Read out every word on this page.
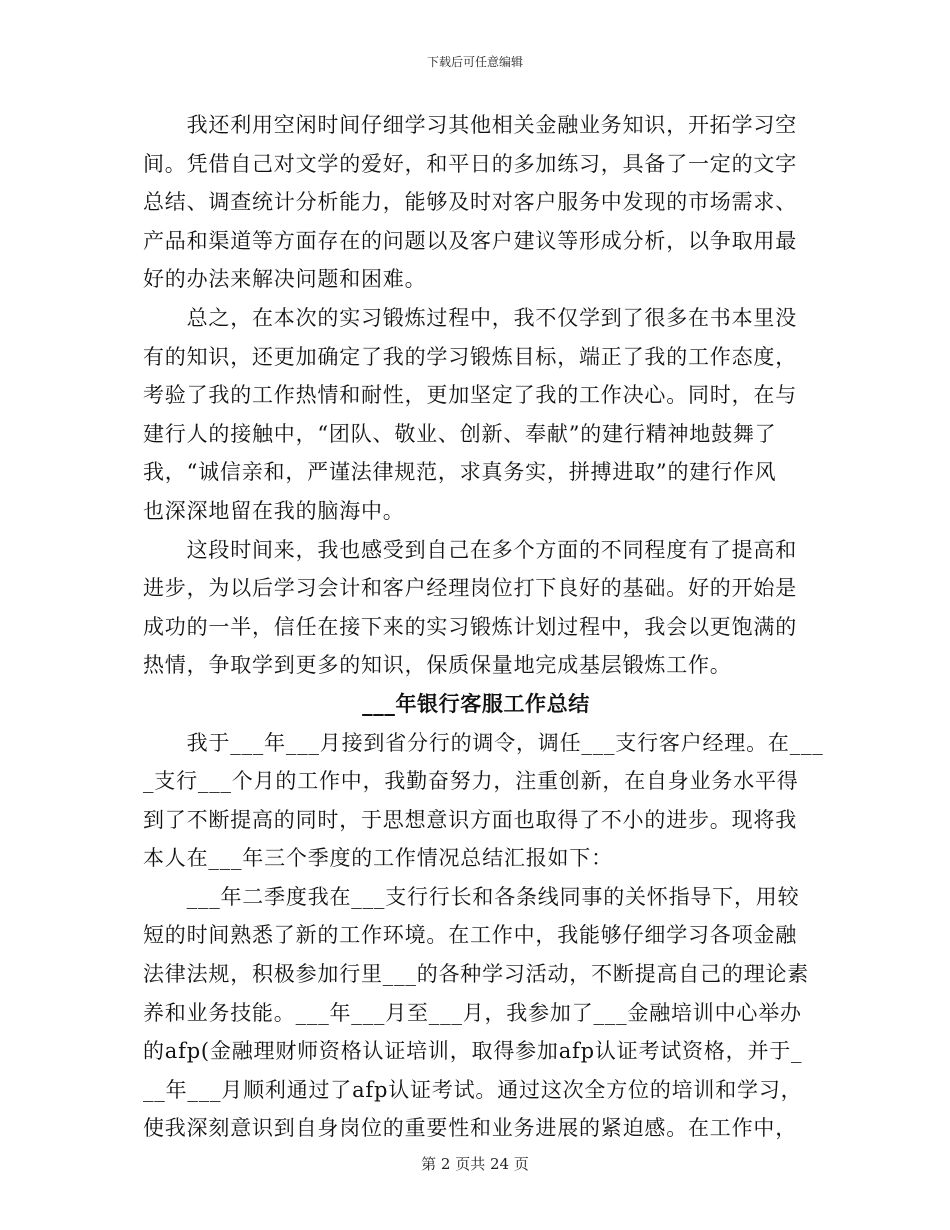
下载后可任意编辑
　　我还利用空闲时间仔细学习其他相关金融业务知识，开拓学习空
间。凭借自己对文学的爱好，和平日的多加练习，具备了一定的文字
总结、调查统计分析能力，能够及时对客户服务中发现的市场需求、
产品和渠道等方面存在的问题以及客户建议等形成分析，以争取用最
好的办法来解决问题和困难。
　　总之，在本次的实习锻炼过程中，我不仅学到了很多在书本里没
有的知识，还更加确定了我的学习锻炼目标，端正了我的工作态度，
考验了我的工作热情和耐性，更加坚定了我的工作决心。同时，在与
建行人的接触中，“团队、敬业、创新、奉献”的建行精神地鼓舞了
我，“诚信亲和，严谨法律规范，求真务实，拼搏进取”的建行作风
也深深地留在我的脑海中。
　　这段时间来，我也感受到自己在多个方面的不同程度有了提高和
进步，为以后学习会计和客户经理岗位打下良好的基础。好的开始是
成功的一半，信任在接下来的实习锻炼计划过程中，我会以更饱满的
热情，争取学到更多的知识，保质保量地完成基层锻炼工作。
___年银行客服工作总结
　　我于___年___月接到省分行的调令，调任___支行客户经理。在___
_支行___个月的工作中，我勤奋努力，注重创新，在自身业务水平得
到了不断提高的同时，于思想意识方面也取得了不小的进步。现将我
本人在___年三个季度的工作情况总结汇报如下：
　　___年二季度我在___支行行长和各条线同事的关怀指导下，用较
短的时间熟悉了新的工作环境。在工作中，我能够仔细学习各项金融
法律法规，积极参加行里___的各种学习活动，不断提高自己的理论素
养和业务技能。___年___月至___月，我参加了___金融培训中心举办
的afp(金融理财师资格认证培训，取得参加afp认证考试资格，并于_
__年___月顺利通过了afp认证考试。通过这次全方位的培训和学习，
使我深刻意识到自身岗位的重要性和业务进展的紧迫感。在工作中，
第 2 页共 24 页
